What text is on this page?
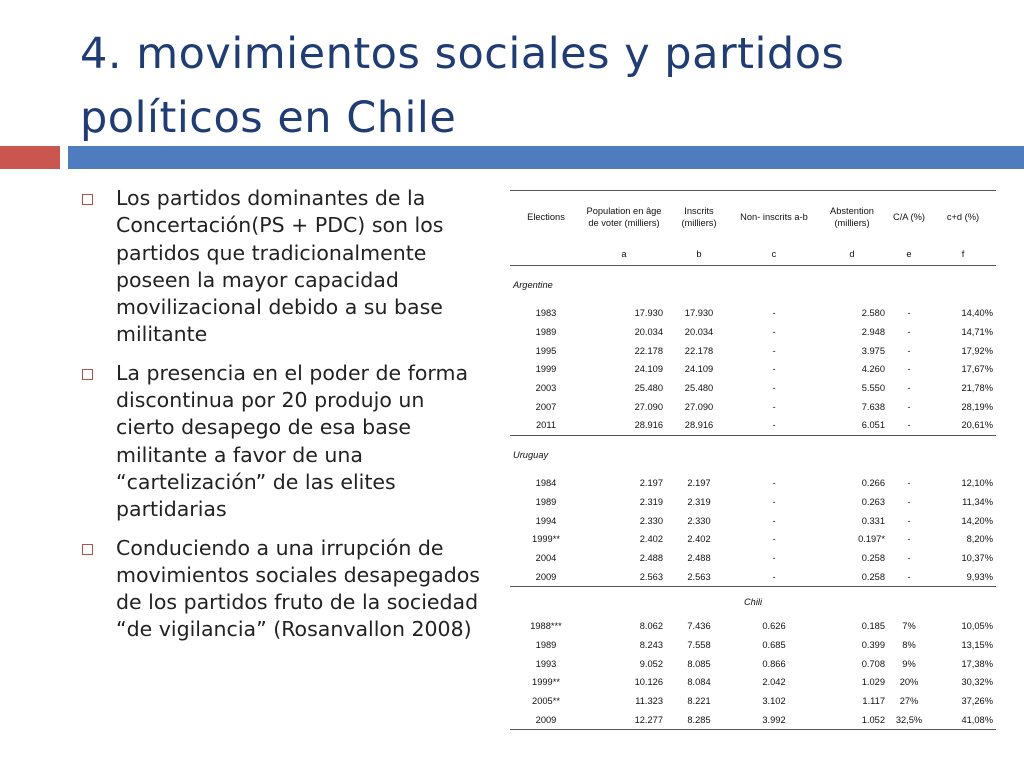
4. movimientos sociales y partidos políticos en Chile
Los partidos dominantes de la Concertación(PS + PDC) son los partidos que tradicionalmente poseen la mayor capacidad movilizacional debido a su base militante
La presencia en el poder de forma discontinua por 20 produjo un cierto desapego de esa base militante a favor de una “cartelización” de las elites partidarias
Conduciendo a una irrupción de movimientos sociales desapegados de los partidos fruto de la sociedad “de vigilancia” (Rosanvallon 2008)
Elections	Population en âge de voter (milliers)	Inscrits (milliers)	Non- inscrits a-b	Abstention (milliers)	C/A (%)	c+d (%)
	a	b	c	d	e	f
Argentine						
1983	17.930	17.930	-	2.580	-	14,40%
1989	20.034	20.034	-	2.948	-	14,71%
1995	22.178	22.178	-	3.975	-	17,92%
1999	24.109	24.109	-	4.260	-	17,67%
2003	25.480	25.480	-	5.550	-	21,78%
2007	27.090	27.090	-	7.638	-	28,19%
2011	28.916	28.916	-	6.051	-	20,61%
Uruguay						
1984	2.197	2.197	-	0.266	-	12,10%
1989	2.319	2.319	-	0.263	-	11,34%
1994	2.330	2.330	-	0.331	-	14,20%
1999**	2.402	2.402	-	0.197*	-	8,20%
2004	2.488	2.488	-	0.258	-	10,37%
2009	2.563	2.563	-	0.258	-	9,93%
Chili						
1988***	8.062	7.436	0.626	0.185	7%	10,05%
1989	8.243	7.558	0.685	0.399	8%	13,15%
1993	9.052	8.085	0.866	0.708	9%	17,38%
1999**	10.126	8.084	2.042	1.029	20%	30,32%
2005**	11.323	8.221	3.102	1.117	27%	37,26%
2009	12.277	8.285	3.992	1.052	32,5%	41,08%
